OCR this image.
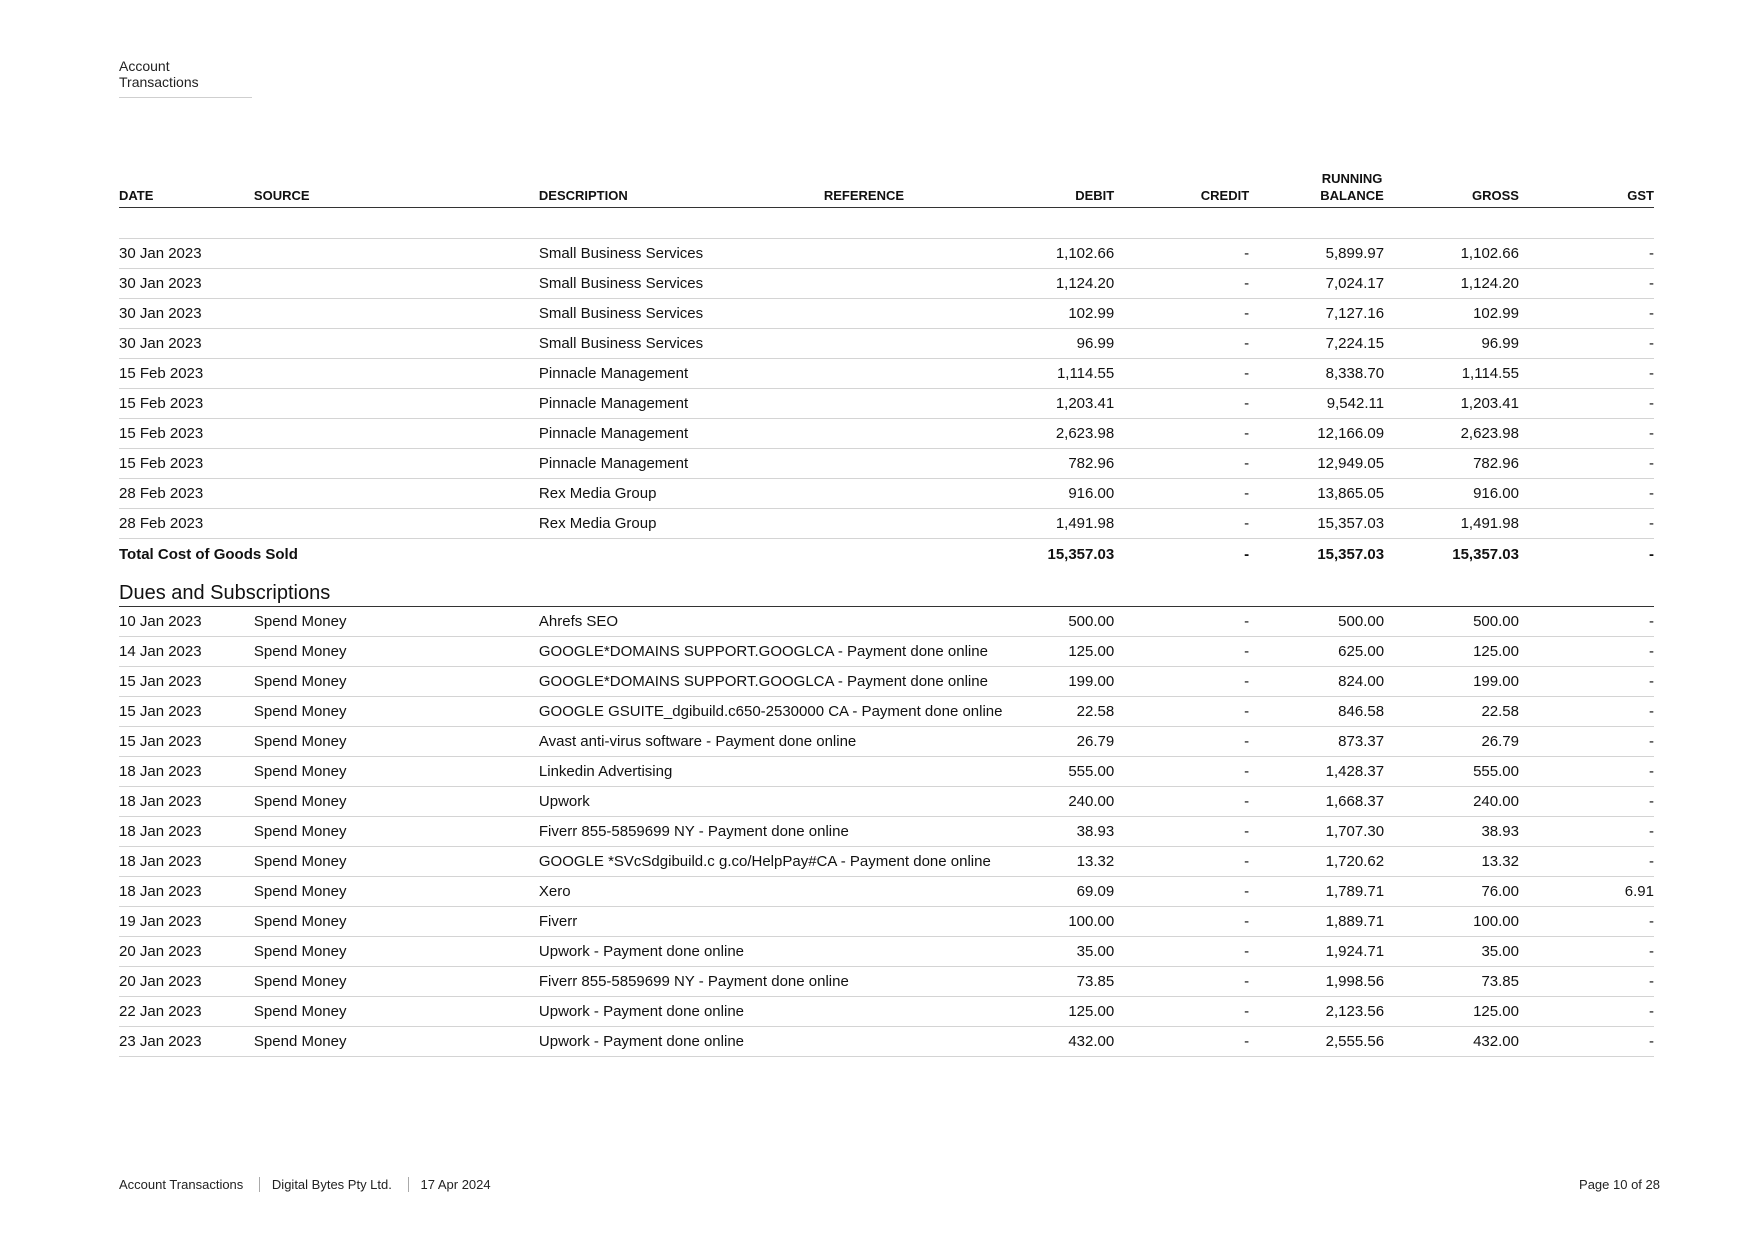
Account Transactions
DATE	SOURCE	DESCRIPTION	REFERENCE	DEBIT	CREDIT	RUNNING BALANCE	GROSS	GST

30 Jan 2023		Small Business Services		1,102.66	-	5,899.97	1,102.66	-
30 Jan 2023		Small Business Services		1,124.20	-	7,024.17	1,124.20	-
30 Jan 2023		Small Business Services		102.99	-	7,127.16	102.99	-
30 Jan 2023		Small Business Services		96.99	-	7,224.15	96.99	-
15 Feb 2023		Pinnacle Management		1,114.55	-	8,338.70	1,114.55	-
15 Feb 2023		Pinnacle Management		1,203.41	-	9,542.11	1,203.41	-
15 Feb 2023		Pinnacle Management		2,623.98	-	12,166.09	2,623.98	-
15 Feb 2023		Pinnacle Management		782.96	-	12,949.05	782.96	-
28 Feb 2023		Rex Media Group		916.00	-	13,865.05	916.00	-
28 Feb 2023		Rex Media Group		1,491.98	-	15,357.03	1,491.98	-
Total Cost of Goods Sold				15,357.03	-	15,357.03	15,357.03	-
Dues and Subscriptions								
10 Jan 2023	Spend Money	Ahrefs SEO		500.00	-	500.00	500.00	-
14 Jan 2023	Spend Money	GOOGLE*DOMAINS SUPPORT.GOOGLCA - Payment done online		125.00	-	625.00	125.00	-
15 Jan 2023	Spend Money	GOOGLE*DOMAINS SUPPORT.GOOGLCA - Payment done online		199.00	-	824.00	199.00	-
15 Jan 2023	Spend Money	GOOGLE GSUITE_dgibuild.c650-2530000 CA - Payment done online		22.58	-	846.58	22.58	-
15 Jan 2023	Spend Money	Avast anti-virus software - Payment done online		26.79	-	873.37	26.79	-
18 Jan 2023	Spend Money	Linkedin Advertising		555.00	-	1,428.37	555.00	-
18 Jan 2023	Spend Money	Upwork		240.00	-	1,668.37	240.00	-
18 Jan 2023	Spend Money	Fiverr 855-5859699 NY - Payment done online		38.93	-	1,707.30	38.93	-
18 Jan 2023	Spend Money	GOOGLE *SVcSdgibuild.c g.co/HelpPay#CA - Payment done online		13.32	-	1,720.62	13.32	-
18 Jan 2023	Spend Money	Xero		69.09	-	1,789.71	76.00	6.91
19 Jan 2023	Spend Money	Fiverr		100.00	-	1,889.71	100.00	-
20 Jan 2023	Spend Money	Upwork - Payment done online		35.00	-	1,924.71	35.00	-
20 Jan 2023	Spend Money	Fiverr 855-5859699 NY - Payment done online		73.85	-	1,998.56	73.85	-
22 Jan 2023	Spend Money	Upwork - Payment done online		125.00	-	2,123.56	125.00	-
23 Jan 2023	Spend Money	Upwork - Payment done online		432.00	-	2,555.56	432.00	-
Account Transactions Digital Bytes Pty Ltd. 17 Apr 2024	Page 10 of 28
